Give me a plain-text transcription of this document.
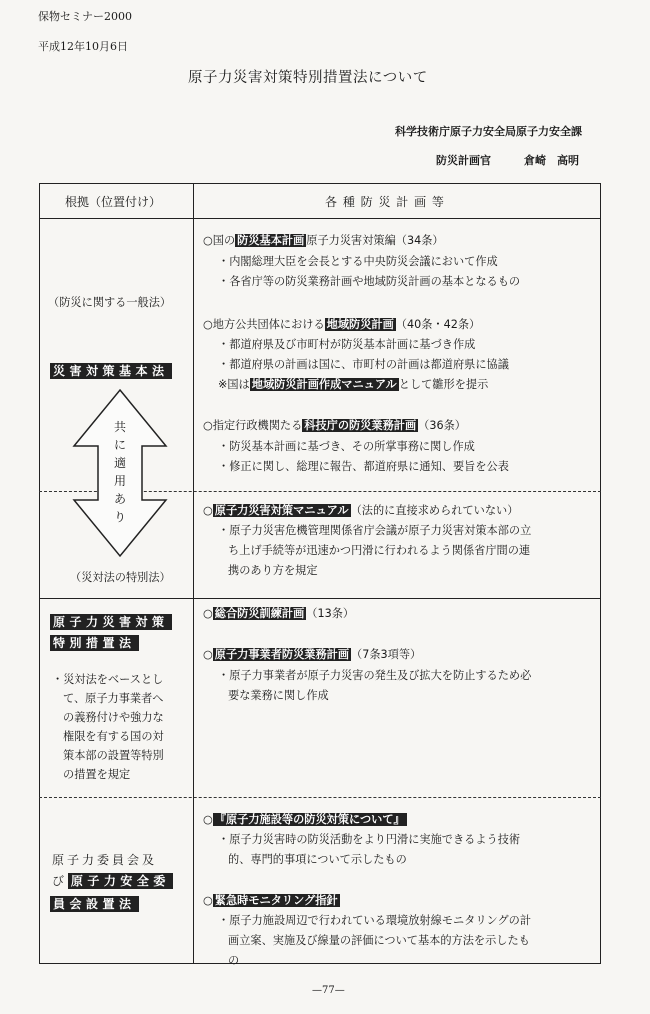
保物セミナー2000
平成12年10月6日
原子力災害対策特別措置法について
科学技術庁原子力安全局原子力安全課
防災計画官	倉崎　高明
根拠（位置付け）	各 種 防 災 計 画 等
（防災に関する一般法）
災害対策基本法
共
に
適
用
あ
り
（災対法の特別法）
原子力災害対策
特別措置法
・災対法をベースとし
て、原子力事業者へ
の義務付けや強力な
権限を有する国の対
策本部の設置等特別
の措置を規定
原子力委員会及
び 原子力安全委
員会設置法
○国の 防災基本計画 原子力災害対策編（34条）
・内閣総理大臣を会長とする中央防災会議において作成
・各省庁等の防災業務計画や地域防災計画の基本となるもの
○地方公共団体における 地域防災計画 （40条・42条）
・都道府県及び市町村が防災基本計画に基づき作成
・都道府県の計画は国に、市町村の計画は都道府県に協議
※国は 地域防災計画作成マニュアル として雛形を提示
○指定行政機関たる 科技庁の防災業務計画 （36条）
・防災基本計画に基づき、その所掌事務に関し作成
・修正に関し、総理に報告、都道府県に通知、要旨を公表
○ 原子力災害対策マニュアル （法的に直接求められていない）
・原子力災害危機管理関係省庁会議が原子力災害対策本部の立
ち上げ手続等が迅速かつ円滑に行われるよう関係省庁間の連
携のあり方を規定
○ 総合防災訓練計画 （13条）
○ 原子力事業者防災業務計画 （7条3項等）
・原子力事業者が原子力災害の発生及び拡大を防止するため必
要な業務に関し作成
○ 『原子力施設等の防災対策について』
・原子力災害時の防災活動をより円滑に実施できるよう技術
的、専門的事項について示したもの
○ 緊急時モニタリング指針
・原子力施設周辺で行われている環境放射線モニタリングの計
画立案、実施及び線量の評価について基本的方法を示したも
の
—77—
